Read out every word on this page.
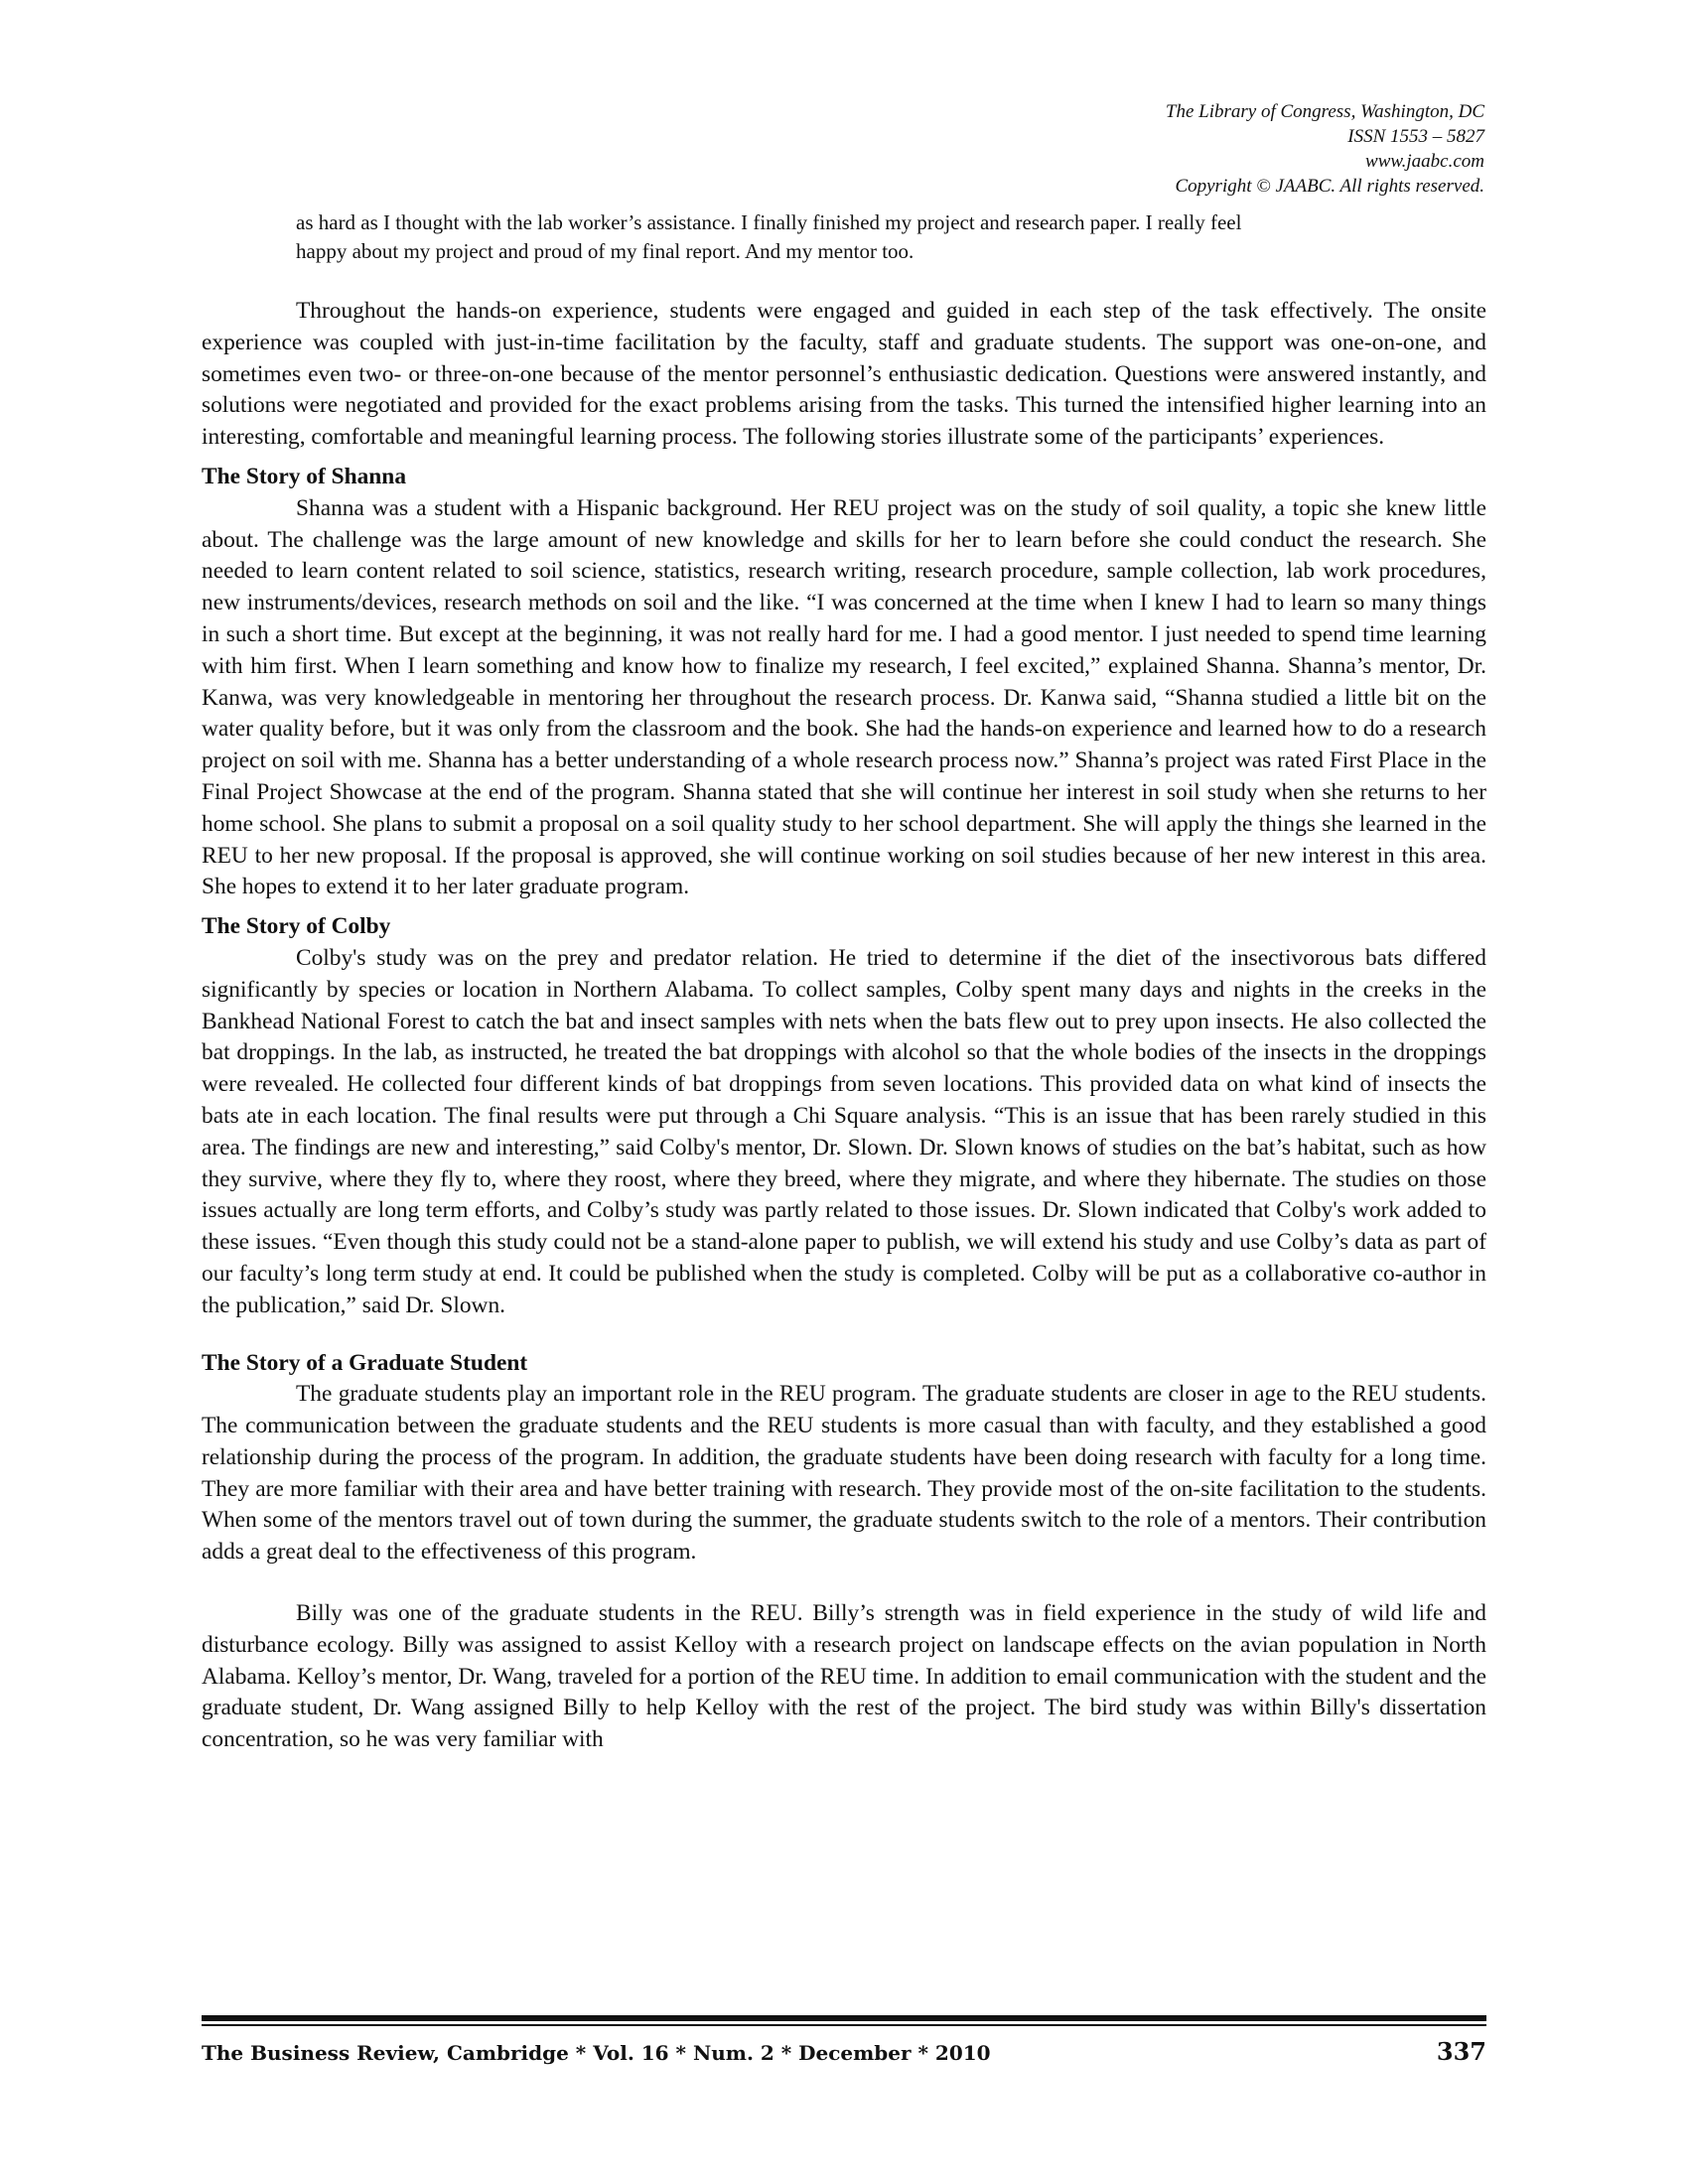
The Library of Congress, Washington, DC
ISSN 1553 – 5827
www.jaabc.com
Copyright © JAABC. All rights reserved.
as hard as I thought with the lab worker’s assistance. I finally finished my project and research paper. I really feel happy about my project and proud of my final report. And my mentor too.

Throughout the hands-on experience, students were engaged and guided in each step of the task effectively. The onsite experience was coupled with just-in-time facilitation by the faculty, staff and graduate students. The support was one-on-one, and sometimes even two- or three-on-one because of the mentor personnel’s enthusiastic dedication. Questions were answered instantly, and solutions were negotiated and provided for the exact problems arising from the tasks. This turned the intensified higher learning into an interesting, comfortable and meaningful learning process. The following stories illustrate some of the participants’ experiences.

The Story of Shanna

Shanna was a student with a Hispanic background. Her REU project was on the study of soil quality, a topic she knew little about. The challenge was the large amount of new knowledge and skills for her to learn before she could conduct the research. She needed to learn content related to soil science, statistics, research writing, research procedure, sample collection, lab work procedures, new instruments/devices, research methods on soil and the like. “I was concerned at the time when I knew I had to learn so many things in such a short time. But except at the beginning, it was not really hard for me. I had a good mentor. I just needed to spend time learning with him first. When I learn something and know how to finalize my research, I feel excited,” explained Shanna. Shanna’s mentor, Dr. Kanwa, was very knowledgeable in mentoring her throughout the research process. Dr. Kanwa said, “Shanna studied a little bit on the water quality before, but it was only from the classroom and the book. She had the hands-on experience and learned how to do a research project on soil with me. Shanna has a better understanding of a whole research process now.” Shanna’s project was rated First Place in the Final Project Showcase at the end of the program. Shanna stated that she will continue her interest in soil study when she returns to her home school. She plans to submit a proposal on a soil quality study to her school department. She will apply the things she learned in the REU to her new proposal. If the proposal is approved, she will continue working on soil studies because of her new interest in this area. She hopes to extend it to her later graduate program.

The Story of Colby

Colby's study was on the prey and predator relation. He tried to determine if the diet of the insectivorous bats differed significantly by species or location in Northern Alabama. To collect samples, Colby spent many days and nights in the creeks in the Bankhead National Forest to catch the bat and insect samples with nets when the bats flew out to prey upon insects. He also collected the bat droppings. In the lab, as instructed, he treated the bat droppings with alcohol so that the whole bodies of the insects in the droppings were revealed. He collected four different kinds of bat droppings from seven locations. This provided data on what kind of insects the bats ate in each location. The final results were put through a Chi Square analysis. “This is an issue that has been rarely studied in this area. The findings are new and interesting,” said Colby's mentor, Dr. Slown. Dr. Slown knows of studies on the bat’s habitat, such as how they survive, where they fly to, where they roost, where they breed, where they migrate, and where they hibernate. The studies on those issues actually are long term efforts, and Colby’s study was partly related to those issues. Dr. Slown indicated that Colby's work added to these issues. “Even though this study could not be a stand-alone paper to publish, we will extend his study and use Colby’s data as part of our faculty’s long term study at end. It could be published when the study is completed. Colby will be put as a collaborative co-author in the publication,” said Dr. Slown.

The Story of a Graduate Student

The graduate students play an important role in the REU program. The graduate students are closer in age to the REU students. The communication between the graduate students and the REU students is more casual than with faculty, and they established a good relationship during the process of the program. In addition, the graduate students have been doing research with faculty for a long time. They are more familiar with their area and have better training with research. They provide most of the on-site facilitation to the students. When some of the mentors travel out of town during the summer, the graduate students switch to the role of a mentors. Their contribution adds a great deal to the effectiveness of this program.

Billy was one of the graduate students in the REU. Billy’s strength was in field experience in the study of wild life and disturbance ecology. Billy was assigned to assist Kelloy with a research project on landscape effects on the avian population in North Alabama. Kelloy’s mentor, Dr. Wang, traveled for a portion of the REU time. In addition to email communication with the student and the graduate student, Dr. Wang assigned Billy to help Kelloy with the rest of the project. The bird study was within Billy's dissertation concentration, so he was very familiar with

The Business Review, Cambridge * Vol. 16 * Num. 2 * December * 2010	337
